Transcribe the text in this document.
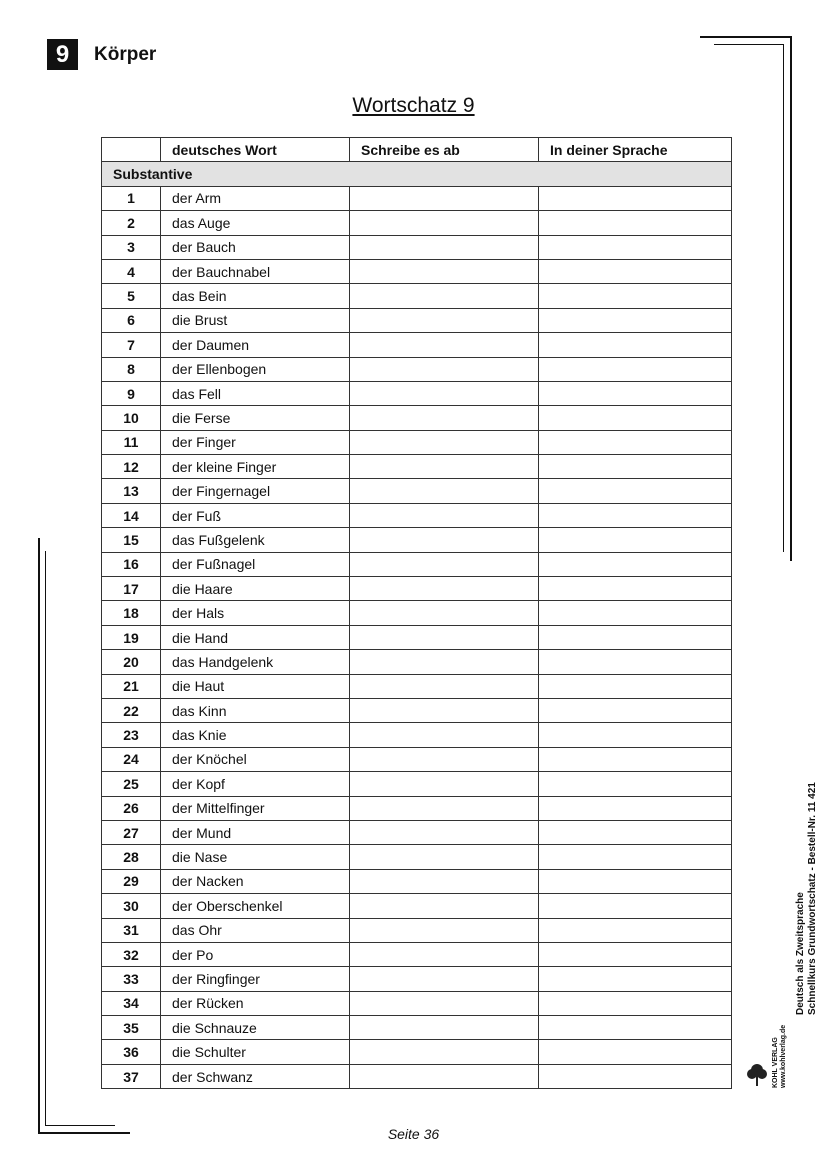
9	Körper
Wortschatz 9
	deutsches Wort	Schreibe es ab	In deiner Sprache
Substantive			
1	der Arm		
2	das Auge		
3	der Bauch		
4	der Bauchnabel		
5	das Bein		
6	die Brust		
7	der Daumen		
8	der Ellenbogen		
9	das Fell		
10	die Ferse		
11	der Finger		
12	der kleine Finger		
13	der Fingernagel		
14	der Fuß		
15	das Fußgelenk		
16	der Fußnagel		
17	die Haare		
18	der Hals		
19	die Hand		
20	das Handgelenk		
21	die Haut		
22	das Kinn		
23	das Knie		
24	der Knöchel		
25	der Kopf		
26	der Mittelfinger		
27	der Mund		
28	die Nase		
29	der Nacken		
30	der Oberschenkel		
31	das Ohr		
32	der Po		
33	der Ringfinger		
34	der Rücken		
35	die Schnauze		
36	die Schulter		
37	der Schwanz		
Seite 36
Deutsch als Zweitsprache Schnellkurs Grundwortschatz - Bestell-Nr. 11 421
KOHL VERLAG www.kohlverlag.de
